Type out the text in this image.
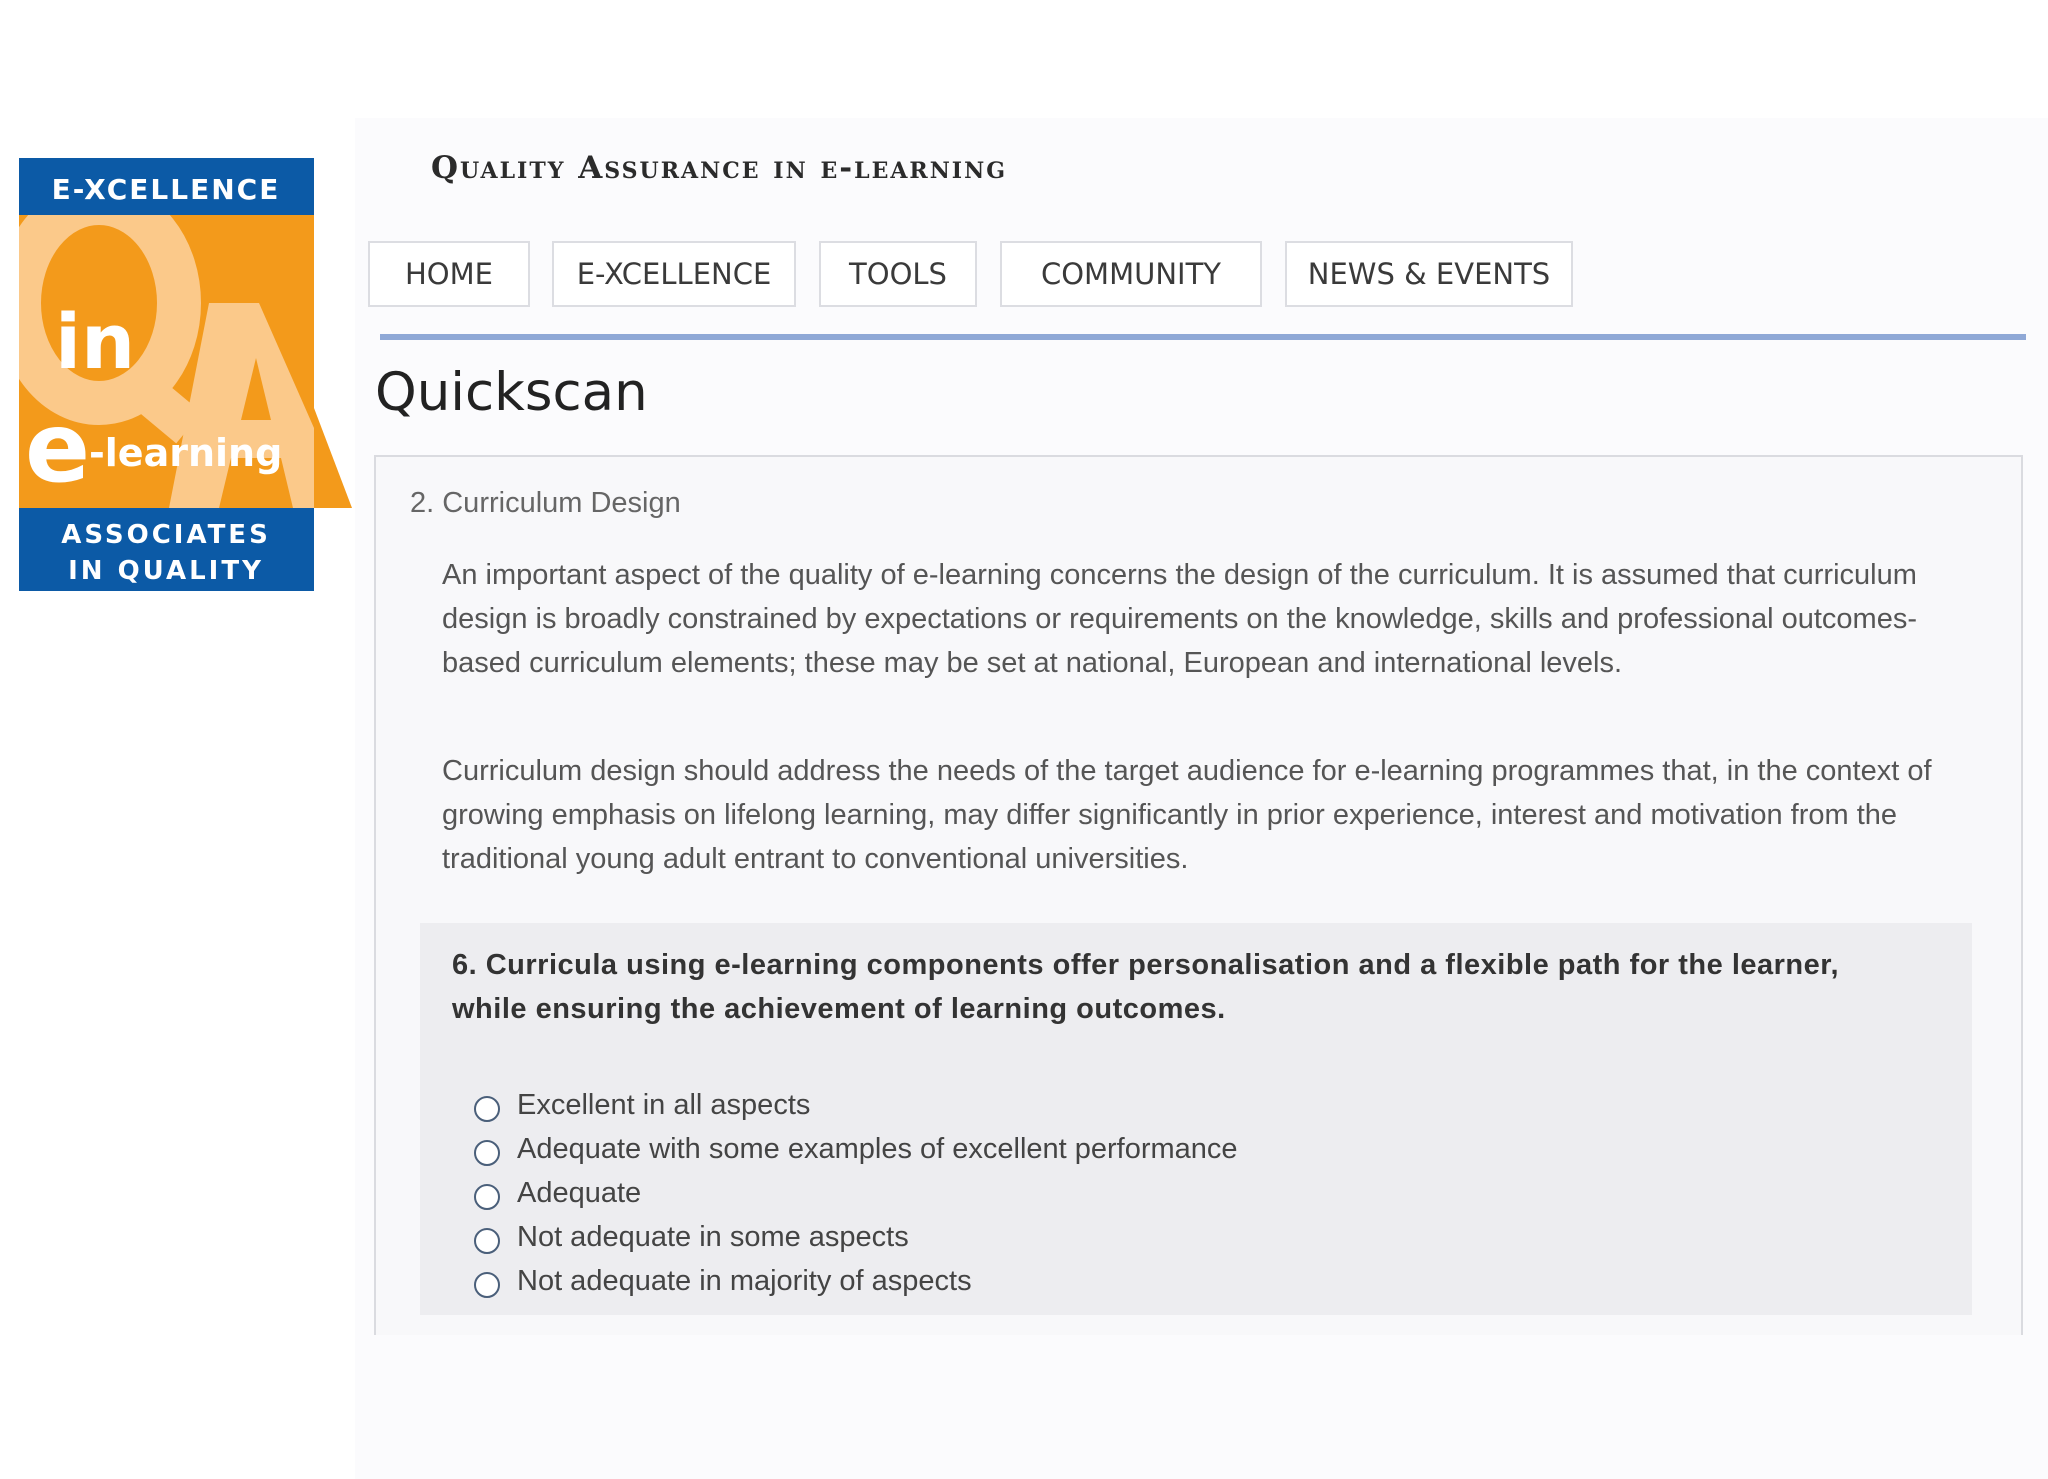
E-XCELLENCE
in
e
-learning
ASSOCIATES
IN QUALITY
Quality Assurance in e-learning
HOME	E-XCELLENCE	TOOLS	COMMUNITY	NEWS & EVENTS
Quickscan
2. Curriculum Design

An important aspect of the quality of e-learning concerns the design of the curriculum. It is assumed that curriculum design is broadly constrained by expectations or requirements on the knowledge, skills and professional outcomes-based curriculum elements; these may be set at national, European and international levels.

Curriculum design should address the needs of the target audience for e-learning programmes that, in the context of growing emphasis on lifelong learning, may differ significantly in prior experience, interest and motivation from the traditional young adult entrant to conventional universities.

6. Curricula using e-learning components offer personalisation and a flexible path for the learner, while ensuring the achievement of learning outcomes.

Excellent in all aspects
Adequate with some examples of excellent performance
Adequate
Not adequate in some aspects
Not adequate in majority of aspects
